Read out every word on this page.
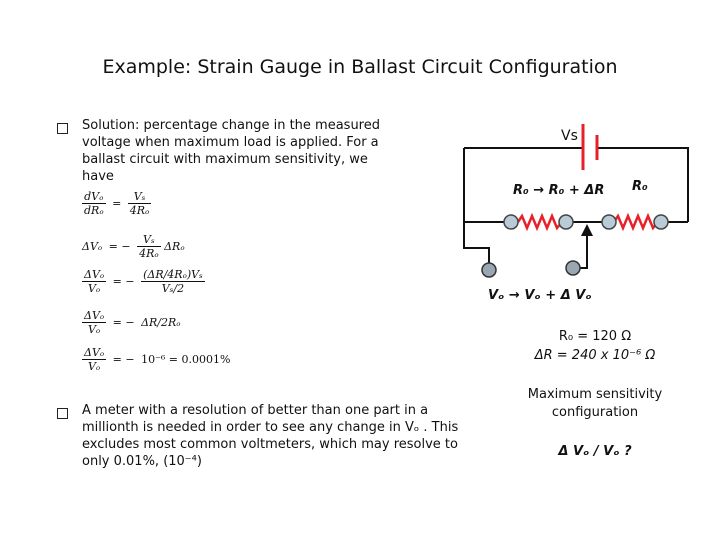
Example: Strain Gauge in Ballast Circuit Configuration
Solution: percentage change in the measured
voltage when maximum load is applied. For a
ballast circuit with maximum sensitivity, we
have
$\frac{\text{dVₒ}}{\text{dRₒ}} = \frac{\text{Vₛ}}{\text{4Rₒ}}$
ΔVₒ = − $\frac{\text{Vₛ}}{\text{4Rₒ}}$ ΔRₒ
$\frac{\text{ΔVₒ}}{\text{Vₒ}}$ = − $\frac{\text{(ΔR/4Rₒ)Vₛ}}{\text{Vₛ/2}}$
$\frac{\text{ΔVₒ}}{\text{Vₒ}}$ = − ΔR/2Rₒ
$\frac{\text{ΔVₒ}}{\text{Vₒ}}$ = − 10⁻⁶ = 0.0001%
A meter with a resolution of better than one part in a
millionth is needed in order to see any change in Vₒ . This
excludes most common voltmeters, which may resolve to
only 0.01%, (10⁻⁴)
Vs
R₀ → R₀ + ΔR R₀
Vₒ → Vₒ + Δ Vₒ
R₀ = 120 Ω
ΔR = 240 x 10⁻⁶ Ω
Maximum sensitivity
configuration
Δ Vₒ / Vₒ ?
